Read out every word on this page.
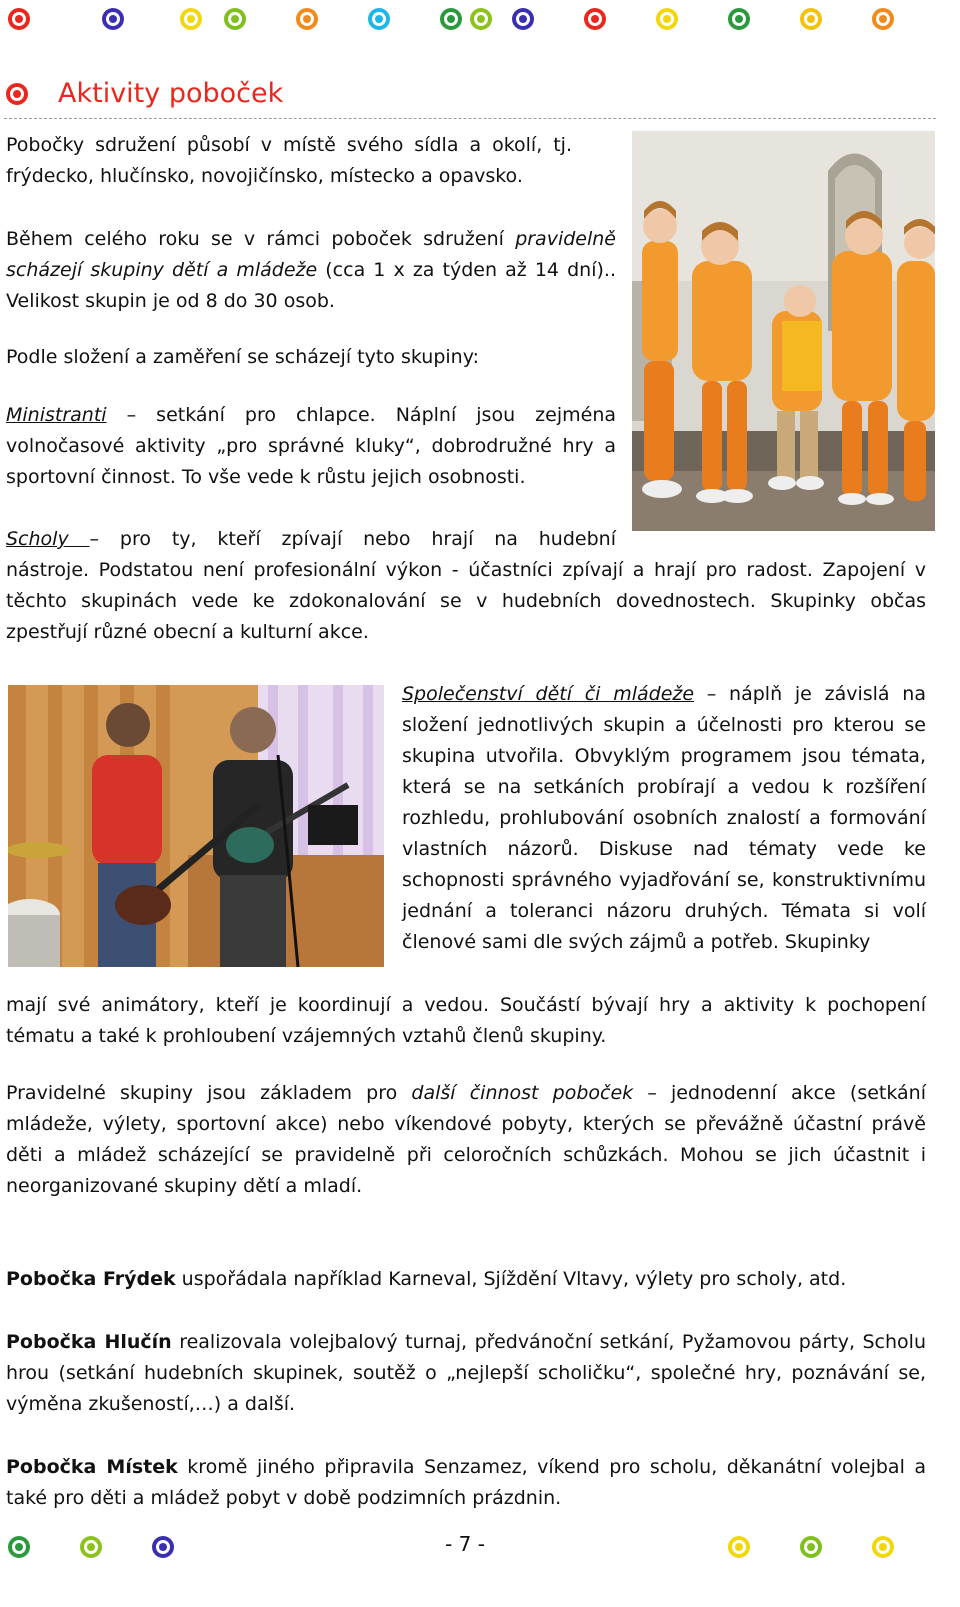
Aktivity poboček

Pobočky sdružení působí v místě svého sídla a okolí, tj. frýdecko, hlučínsko, novojičínsko, místecko a opavsko.

Během celého roku se v rámci poboček sdružení pravidelně scházejí skupiny dětí a mládeže (cca 1 x za týden až 14 dní).. Velikost skupin je od 8 do 30 osob.

Podle složení a zaměření se scházejí tyto skupiny:

Ministranti – setkání pro chlapce. Náplní jsou zejména volnočasové aktivity „pro správné kluky“, dobrodružné hry a sportovní činnost. To vše vede k růstu jejich osobnosti.

Scholy – pro ty, kteří zpívají nebo hrají na hudební

nástroje. Podstatou není profesionální výkon - účastníci zpívají a hrají pro radost. Zapojení v těchto skupinách vede ke zdokonalování se v hudebních dovednostech. Skupinky občas zpestřují různé obecní a kulturní akce.

Společenství dětí či mládeže – náplň je závislá na složení jednotlivých skupin a účelnosti pro kterou se skupina utvořila. Obvyklým programem jsou témata, která se na setkáních probírají a vedou k rozšíření rozhledu, prohlubování osobních znalostí a formování vlastních názorů. Diskuse nad tématy vede ke schopnosti správného vyjadřování se, konstruktivnímu jednání a toleranci názoru druhých. Témata si volí členové sami dle svých zájmů a potřeb. Skupinky

mají své animátory, kteří je koordinují a vedou. Součástí bývají hry a aktivity k pochopení tématu a také k prohloubení vzájemných vztahů členů skupiny.

Pravidelné skupiny jsou základem pro další činnost poboček – jednodenní akce (setkání mládeže, výlety, sportovní akce) nebo víkendové pobyty, kterých se převážně účastní právě děti a mládež scházející se pravidelně při celoročních schůzkách. Mohou se jich účastnit i neorganizované skupiny dětí a mladí.

Pobočka Frýdek uspořádala například Karneval, Sjíždění Vltavy, výlety pro scholy, atd.

Pobočka Hlučín realizovala volejbalový turnaj, předvánoční setkání, Pyžamovou párty, Scholu hrou (setkání hudebních skupinek, soutěž o „nejlepší scholičku“, společné hry, poznávání se, výměna zkušeností,…) a další.

Pobočka Místek kromě jiného připravila Senzamez, víkend pro scholu, děkanátní volejbal a také pro děti a mládež pobyt v době podzimních prázdnin.

- 7 -
